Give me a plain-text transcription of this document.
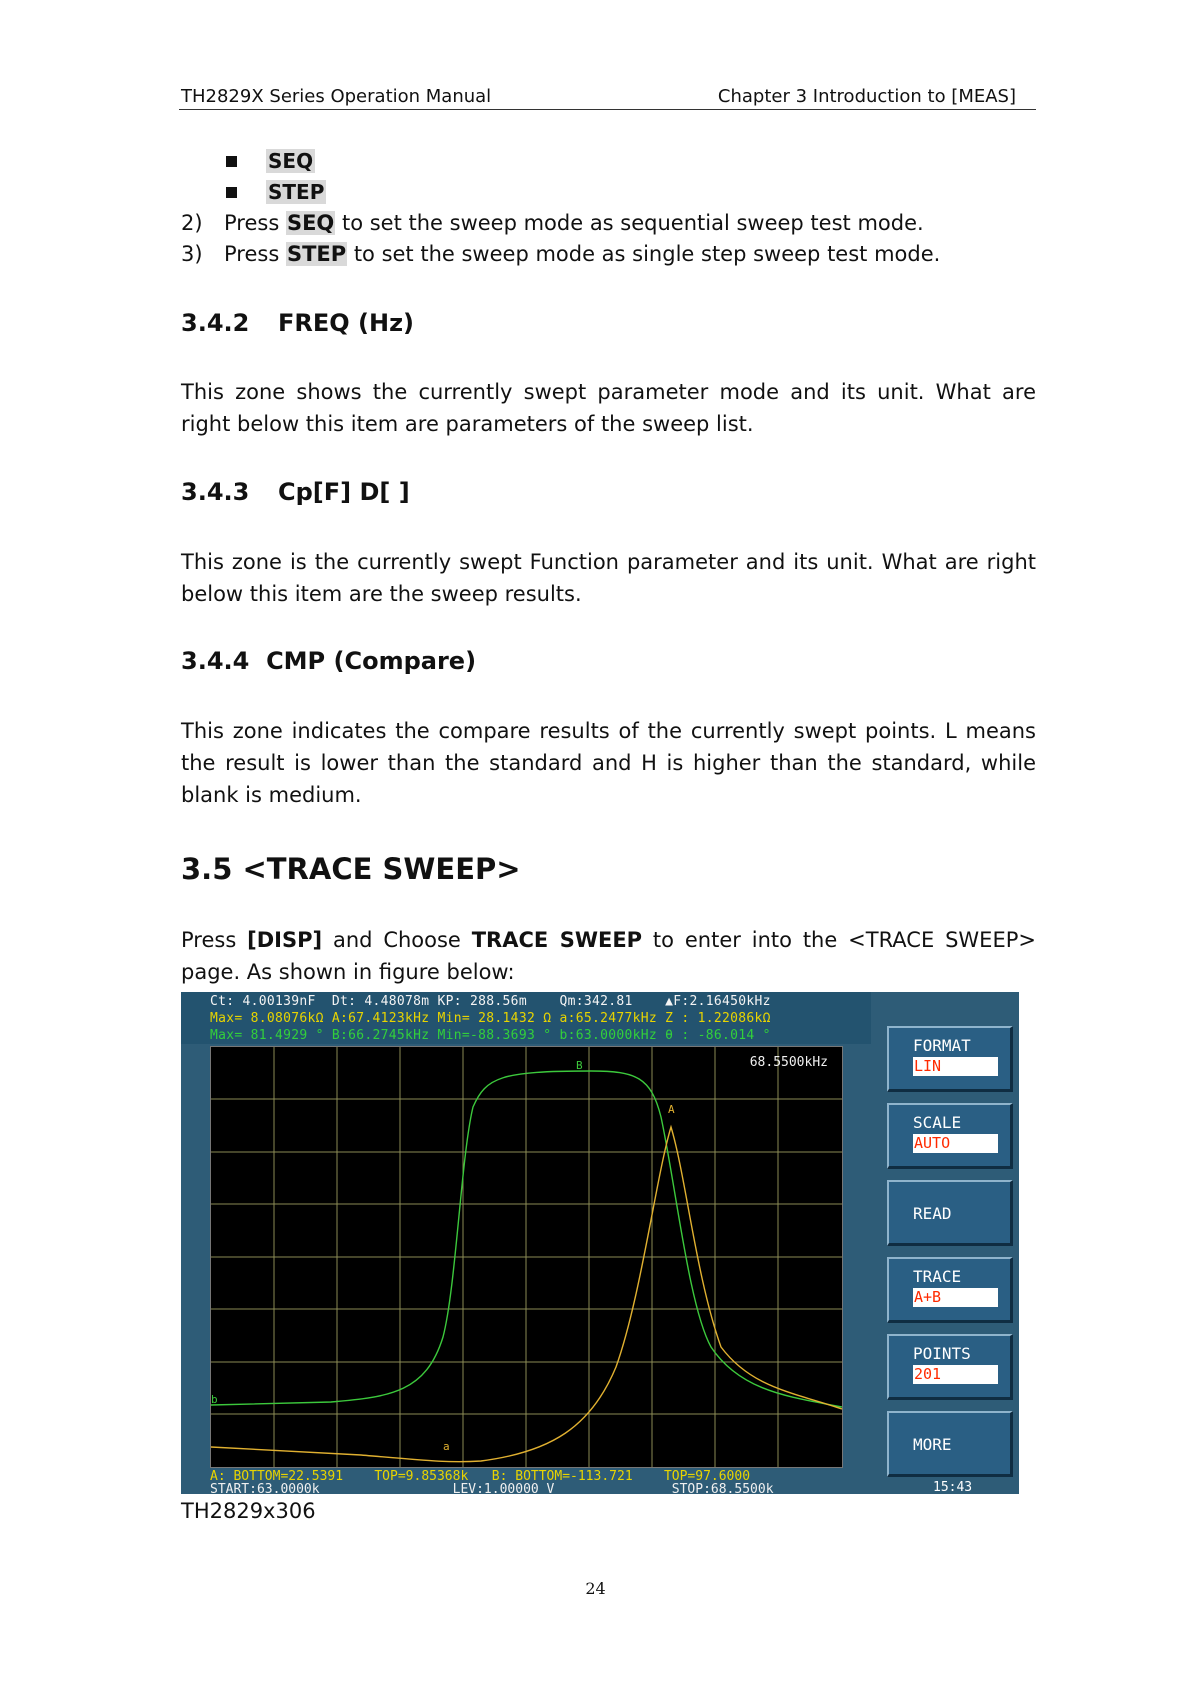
TH2829X Series Operation Manual	Chapter 3 Introduction to [MEAS]
SEQ
STEP
2) Press SEQ to set the sweep mode as sequential sweep test mode.
3) Press STEP to set the sweep mode as single step sweep test mode.
3.4.2 FREQ (Hz)
This zone shows the currently swept parameter mode and its unit. What are right below this item are parameters of the sweep list.
3.4.3 Cp[F] D[ ]
This zone is the currently swept Function parameter and its unit. What are right below this item are the sweep results.
3.4.4 CMP (Compare)
This zone indicates the compare results of the currently swept points. L means the result is lower than the standard and H is higher than the standard, while blank is medium.
3.5 <TRACE SWEEP>
Press [DISP] and Choose TRACE SWEEP to enter into the <TRACE SWEEP> page. As shown in figure below:
Ct: 4.00139nF  Dt: 4.48078m KP: 288.56m    Qm:342.81    ▲F:2.16450kHz
Max= 8.08076kΩ A:67.4123kHz Min= 28.1432 Ω a:65.2477kHz Z : 1.22086kΩ
Max= 81.4929 ° B:66.2745kHz Min=-88.3693 ° b:63.0000kHz θ : -86.014 °
B
b
A
a
68.5500kHz
A: BOTTOM=22.5391    TOP=9.85368k   B: BOTTOM=-113.721    TOP=97.6000
START:63.0000k                 LEV:1.00000 V               STOP:68.5500k
FORMAT
LIN
SCALE
AUTO
READ
TRACE
A+B
POINTS
201
MORE
15:43
TH2829x306
24
